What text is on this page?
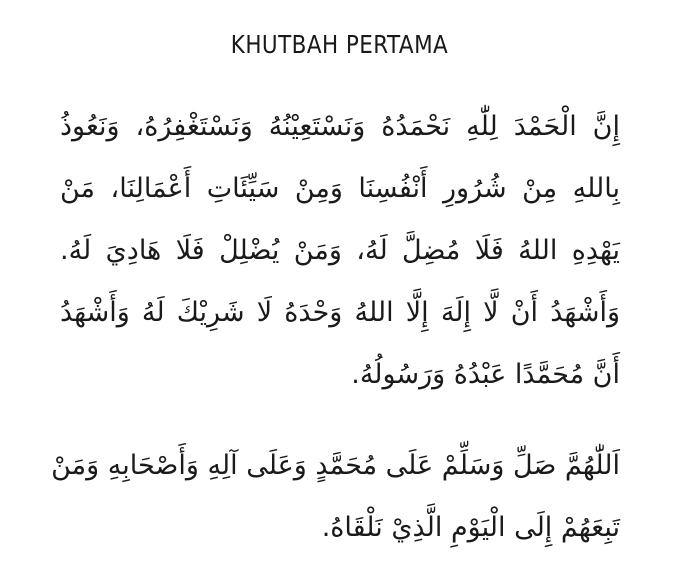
KHUTBAH PERTAMA
إِنَّ الْحَمْدَ لِلّٰهِ نَحْمَدُهُ وَنَسْتَعِيْنُهُ وَنَسْتَغْفِرُهُ، وَنَعُوذُ
بِاللهِ مِنْ شُرُورِ أَنْفُسِنَا وَمِنْ سَيِّئَاتِ أَعْمَالِنَا، مَنْ
يَهْدِهِ اللهُ فَلَا مُضِلَّ لَهُ، وَمَنْ يُضْلِلْ فَلَا هَادِيَ لَهُ.
وَأَشْهَدُ أَنْ لَّا إِلَهَ إِلَّا اللهُ وَحْدَهُ لَا شَرِيْكَ لَهُ وَأَشْهَدُ
أَنَّ مُحَمَّدًا عَبْدُهُ وَرَسُولُهُ.
اَللّٰهُمَّ صَلِّ وَسَلِّمْ عَلَى مُحَمَّدٍ وَعَلَى آلِهِ وَأَصْحَابِهِ وَمَنْ
تَبِعَهُمْ إِلَى الْيَوْمِ الَّذِيْ نَلْقَاهُ.
